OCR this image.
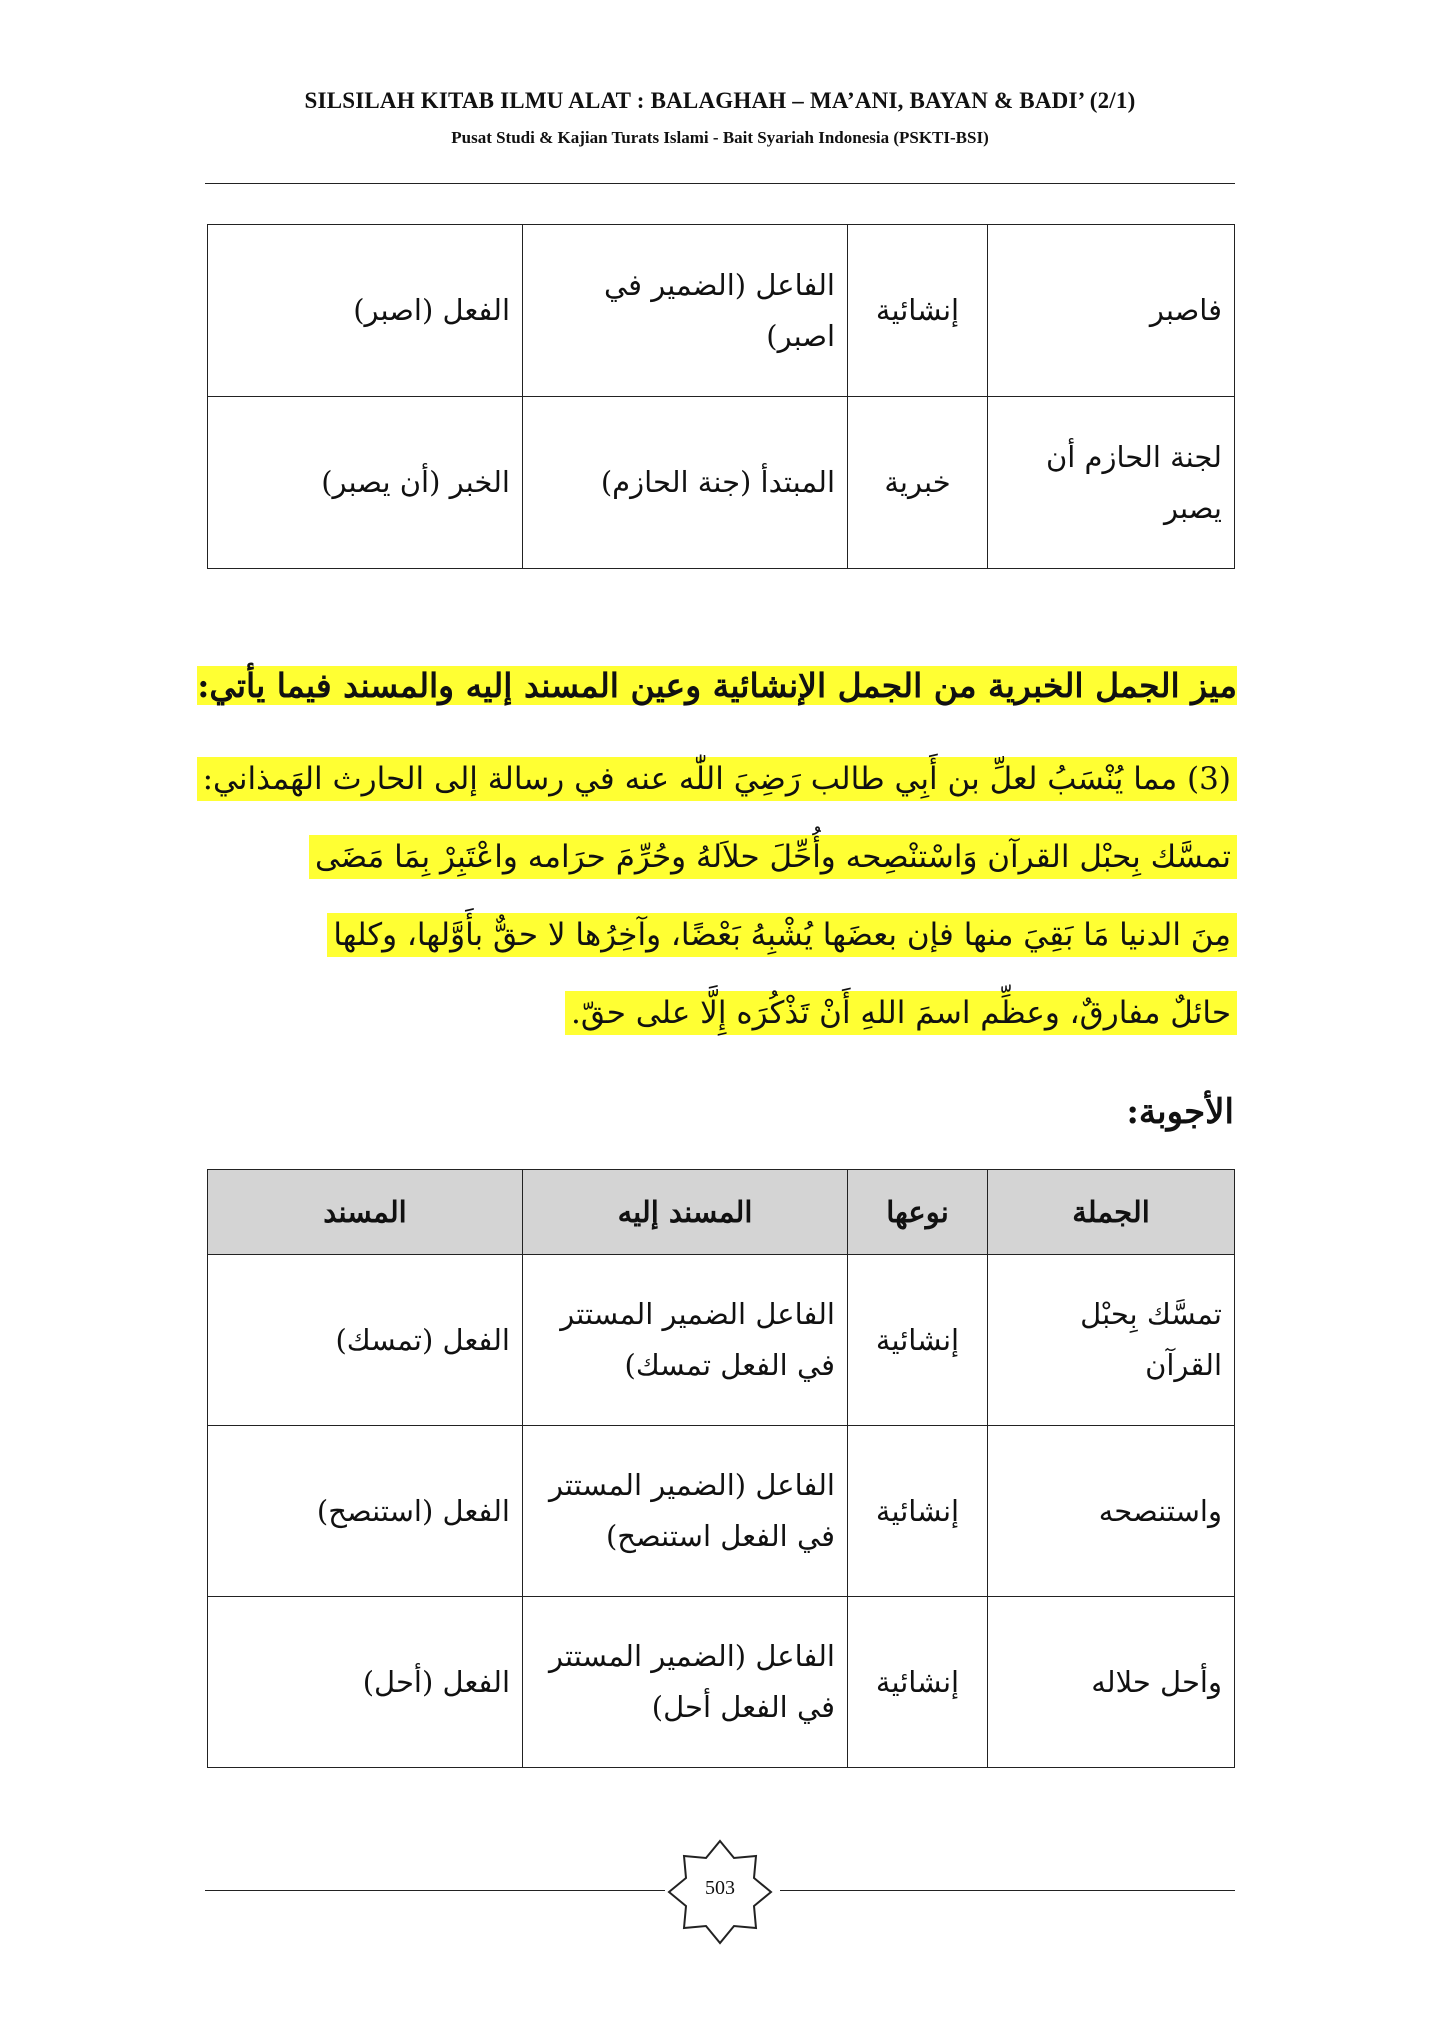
SILSILAH KITAB ILMU ALAT : BALAGHAH – MA’ANI, BAYAN & BADI’ (2/1)
Pusat Studi & Kajian Turats Islami - Bait Syariah Indonesia (PSKTI-BSI)
فاصبر	إنشائية	الفاعل (الضمير في اصبر)	الفعل (اصبر)
لجنة الحازم أن يصبر	خبرية	المبتدأ (جنة الحازم)	الخبر (أن يصبر)
ميز الجمل الخبرية من الجمل الإنشائية وعين المسند إليه والمسند فيما يأتي:
(3) مما يُنْسَبُ لعلِّ بن أَبِي طالب رَضِيَ اللّٰه عنه في رسالة إلى الحارث الهَمذاني:
تمسَّك بِحبْل القرآن وَاسْتنْصِحه وأُحِّلَ حلاَلهُ وحُرِّمَ حرَامه واعْتَبِرْ بِمَا مَضَى
مِنَ الدنيا مَا بَقِيَ منها فإن بعضَها يُشْبِهُ بَعْضًا، وآخِرُها لا حقٌّ بأَوَّلها، وكلها
حائلٌ مفارقٌ، وعظِّم اسمَ اللهِ أَنْ تَذْكُرَه إِلَّا على حقّ.
الأجوبة:
الجملة	نوعها	المسند إليه	المسند
تمسَّك بِحبْل القرآن	إنشائية	الفاعل الضمير المستتر في الفعل تمسك)	الفعل (تمسك)
واستنصحه	إنشائية	الفاعل (الضمير المستتر في الفعل استنصح)	الفعل (استنصح)
وأحل حلاله	إنشائية	الفاعل (الضمير المستتر في الفعل أحل)	الفعل (أحل)
503
